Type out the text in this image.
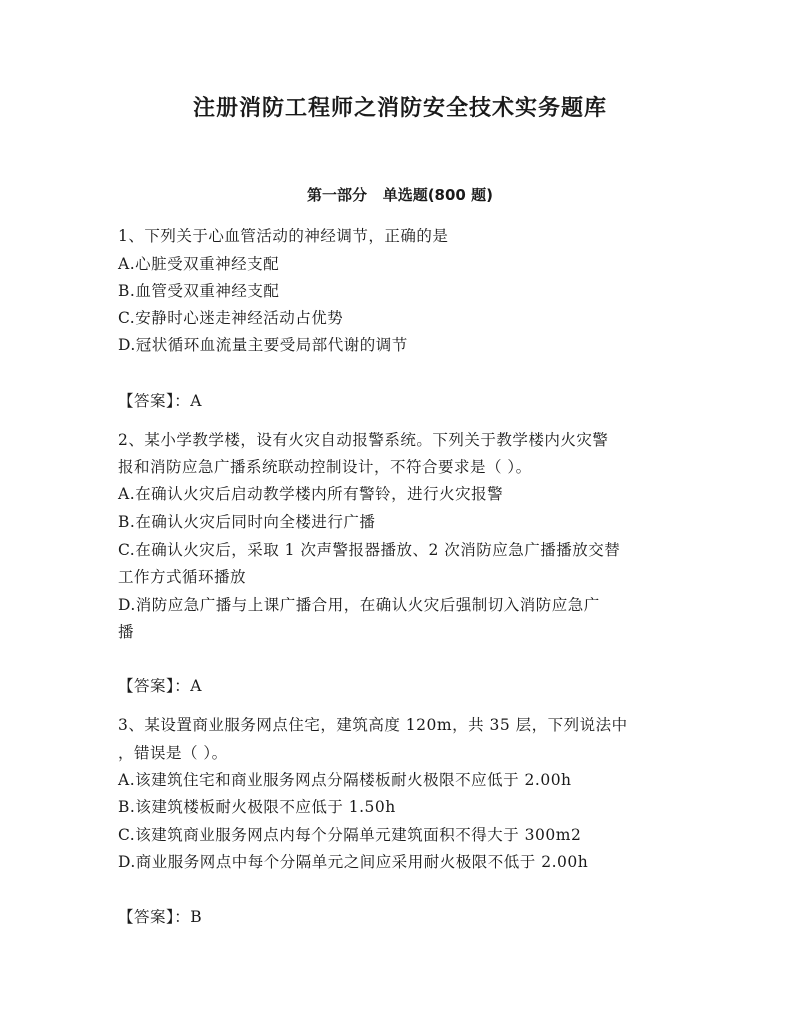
注册消防工程师之消防安全技术实务题库
第一部分   单选题(800 题)
1、下列关于心血管活动的神经调节，正确的是
A.心脏受双重神经支配
B.血管受双重神经支配
C.安静时心迷走神经活动占优势
D.冠状循环血流量主要受局部代谢的调节
【答案】：A
2、某小学教学楼，设有火灾自动报警系统。下列关于教学楼内火灾警
报和消防应急广播系统联动控制设计，不符合要求是（ ）。
A.在确认火灾后启动教学楼内所有警铃，进行火灾报警
B.在确认火灾后同时向全楼进行广播
C.在确认火灾后，采取 1 次声警报器播放、2 次消防应急广播播放交替
工作方式循环播放
D.消防应急广播与上课广播合用，在确认火灾后强制切入消防应急广
播
【答案】：A
3、某设置商业服务网点住宅，建筑高度 120m，共 35 层，下列说法中
，错误是（ ）。
A.该建筑住宅和商业服务网点分隔楼板耐火极限不应低于 2.00h
B.该建筑楼板耐火极限不应低于 1.50h
C.该建筑商业服务网点内每个分隔单元建筑面积不得大于 300m2
D.商业服务网点中每个分隔单元之间应采用耐火极限不低于 2.00h
【答案】：B
